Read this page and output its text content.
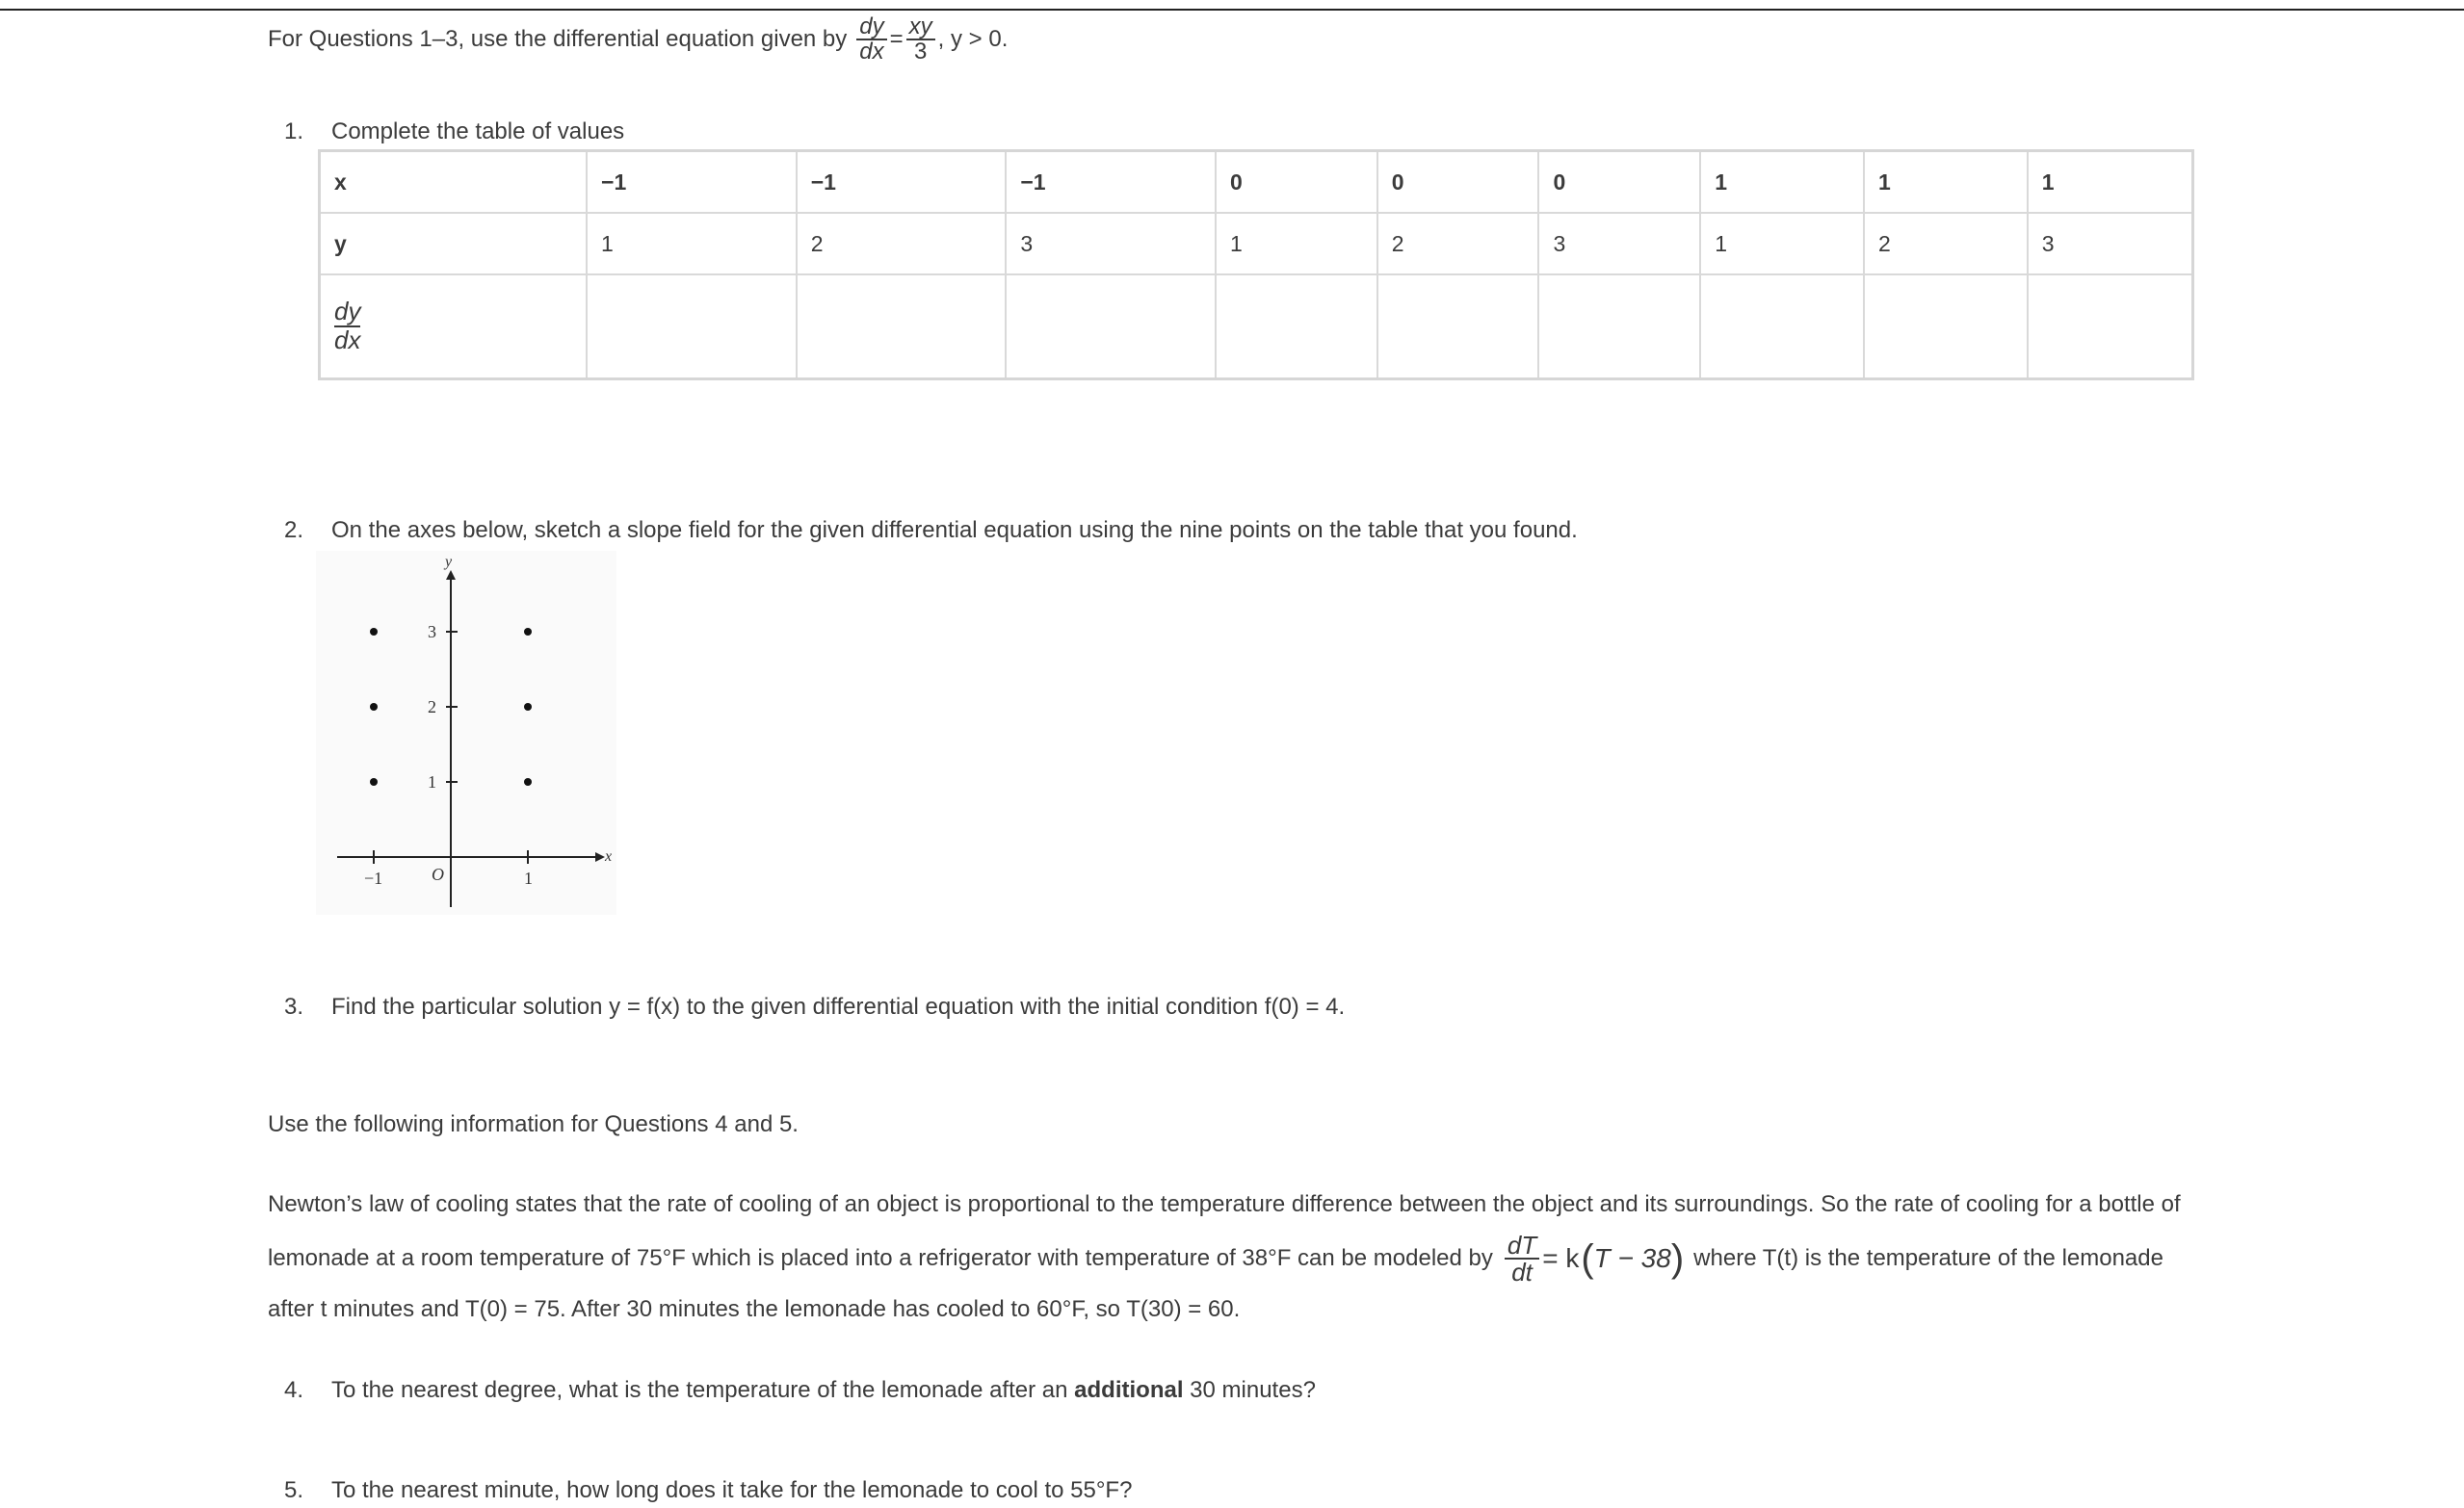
For Questions 1–3, use the differential equation given by $\frac{dy}{dx} = \frac{xy}{3}$ , y > 0.
1. Complete the table of values
x	−1	−1	−1	0	0	0	1	1	1
y	1	2	3	1	2	3	1	2	3

$\frac{dy}{dx}$

2. On the axes below, sketch a slope field for the given differential equation using the nine points on the table that you found.
−1	1
1
2
3
y
x
O
3. Find the particular solution y = f(x) to the given differential equation with the initial condition f(0) = 4.
Use the following information for Questions 4 and 5.
Newton’s law of cooling states that the rate of cooling of an object is proportional to the temperature difference between the object and its surroundings. So the rate of cooling for a bottle of
lemonade at a room temperature of 75°F which is placed into a refrigerator with temperature of 38°F can be modeled by $\frac{dT}{dt} = k$ ( T − 38 ) where T(t) is the temperature of the lemonade
after t minutes and T(0) = 75. After 30 minutes the lemonade has cooled to 60°F, so T(30) = 60.
4. To the nearest degree, what is the temperature of the lemonade after an additional 30 minutes?
5. To the nearest minute, how long does it take for the lemonade to cool to 55°F?
